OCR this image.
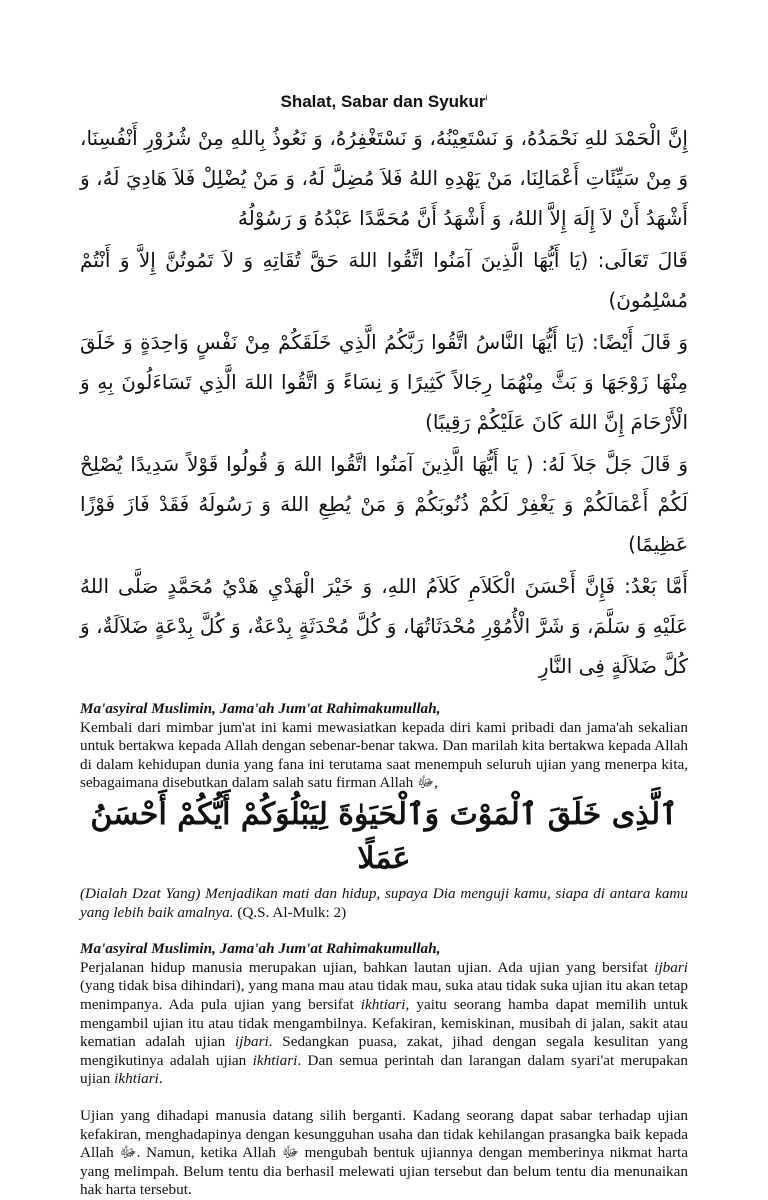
Shalat, Sabar dan Syukur$^i$

إِنَّ الْحَمْدَ للهِ نَحْمَدُهُ، وَ نَسْتَعِيْنُهُ، وَ نَسْتَغْفِرُهُ، وَ نَعُوذُ بِاللهِ مِنْ شُرُوْرِ أَنْفُسِنَا، وَ مِنْ سَيِّئَاتِ أَعْمَالِنَا، مَنْ يَهْدِهِ اللهُ فَلاَ مُضِلَّ لَهُ، وَ مَنْ يُضْلِلْ فَلاَ هَادِيَ لَهُ، وَ أَشْهَدُ أَنْ لاَ إِلَهَ إِلاَّ اللهُ، وَ أَشْهَدُ أَنَّ مُحَمَّدًا عَبْدُهُ وَ رَسُوْلُهُ

قَالَ تَعَالَى: (يَا أَيُّهَا الَّذِينَ آمَنُوا اتَّقُوا اللهَ حَقَّ تُقَاتِهِ وَ لاَ تَمُوتُنَّ إِلاَّ وَ أَنْتُمْ مُسْلِمُونَ)

وَ قَالَ أَيْضًا: (يَا أَيُّهَا النَّاسُ اتَّقُوا رَبَّكُمُ الَّذِي خَلَقَكُمْ مِنْ نَفْسٍ وَاحِدَةٍ وَ خَلَقَ مِنْهَا زَوْجَهَا وَ بَثَّ مِنْهُمَا رِجَالاً كَثِيرًا وَ نِسَاءً وَ اتَّقُوا اللهَ الَّذِي تَسَاءَلُونَ بِهِ وَ الْأَرْحَامَ إِنَّ اللهَ كَانَ عَلَيْكُمْ رَقِيبًا)

وَ قَالَ جَلَّ جَلاَ لَهُ: ( يَا أَيُّهَا الَّذِينَ آمَنُوا اتَّقُوا اللهَ وَ قُولُوا قَوْلاً سَدِيدًا يُصْلِحْ لَكُمْ أَعْمَالَكُمْ وَ يَغْفِرْ لَكُمْ ذُنُوبَكُمْ وَ مَنْ يُطِعِ اللهَ وَ رَسُولَهُ فَقَدْ فَازَ فَوْزًا عَظِيمًا)

أَمَّا بَعْدُ: فَإِنَّ أَحْسَنَ الْكَلاَمِ كَلاَمُ اللهِ، وَ خَيْرَ الْهَدْيِ هَدْيُ مُحَمَّدٍ صَلَّى اللهُ عَلَيْهِ وَ سَلَّمَ، وَ شَرَّ الْأُمُوْرِ مُحْدَثَاتُهَا، وَ كُلَّ مُحْدَثَةٍ بِدْعَةٌ، وَ كُلَّ بِدْعَةٍ ضَلاَلَةٌ، وَ كُلَّ ضَلاَلَةٍ فِى النَّارِ

Ma'asyiral Muslimin, Jama'ah Jum'at Rahimakumullah,

Kembali dari mimbar jum'at ini kami mewasiatkan kepada diri kami pribadi dan jama'ah sekalian untuk bertakwa kepada Allah dengan sebenar-benar takwa. Dan marilah kita bertakwa kepada Allah di dalam kehidupan dunia yang fana ini terutama saat menempuh seluruh ujian yang menerpa kita, sebagaimana disebutkan dalam salah satu firman Allah ﷻ,

ٱلَّذِى خَلَقَ ٱلْمَوْتَ وَٱلْحَيَوٰةَ لِيَبْلُوَكُمْ أَيُّكُمْ أَحْسَنُ عَمَلًا

(Dialah Dzat Yang) Menjadikan mati dan hidup, supaya Dia menguji kamu, siapa di antara kamu yang lebih baik amalnya. (Q.S. Al-Mulk: 2)

Ma'asyiral Muslimin, Jama'ah Jum'at Rahimakumullah,

Perjalanan hidup manusia merupakan ujian, bahkan lautan ujian. Ada ujian yang bersifat ijbari (yang tidak bisa dihindari), yang mana mau atau tidak mau, suka atau tidak suka ujian itu akan tetap menimpanya. Ada pula ujian yang bersifat ikhtiari, yaitu seorang hamba dapat memilih untuk mengambil ujian itu atau tidak mengambilnya. Kefakiran, kemiskinan, musibah di jalan, sakit atau kematian adalah ujian ijbari. Sedangkan puasa, zakat, jihad dengan segala kesulitan yang mengikutinya adalah ujian ikhtiari. Dan semua perintah dan larangan dalam syari'at merupakan ujian ikhtiari.

Ujian yang dihadapi manusia datang silih berganti. Kadang seorang dapat sabar terhadap ujian kefakiran, menghadapinya dengan kesungguhan usaha dan tidak kehilangan prasangka baik kepada Allah ﷻ. Namun, ketika Allah ﷻ mengubah bentuk ujiannya dengan memberinya nikmat harta yang melimpah. Belum tentu dia berhasil melewati ujian tersebut dan belum tentu dia menunaikan hak harta tersebut.
